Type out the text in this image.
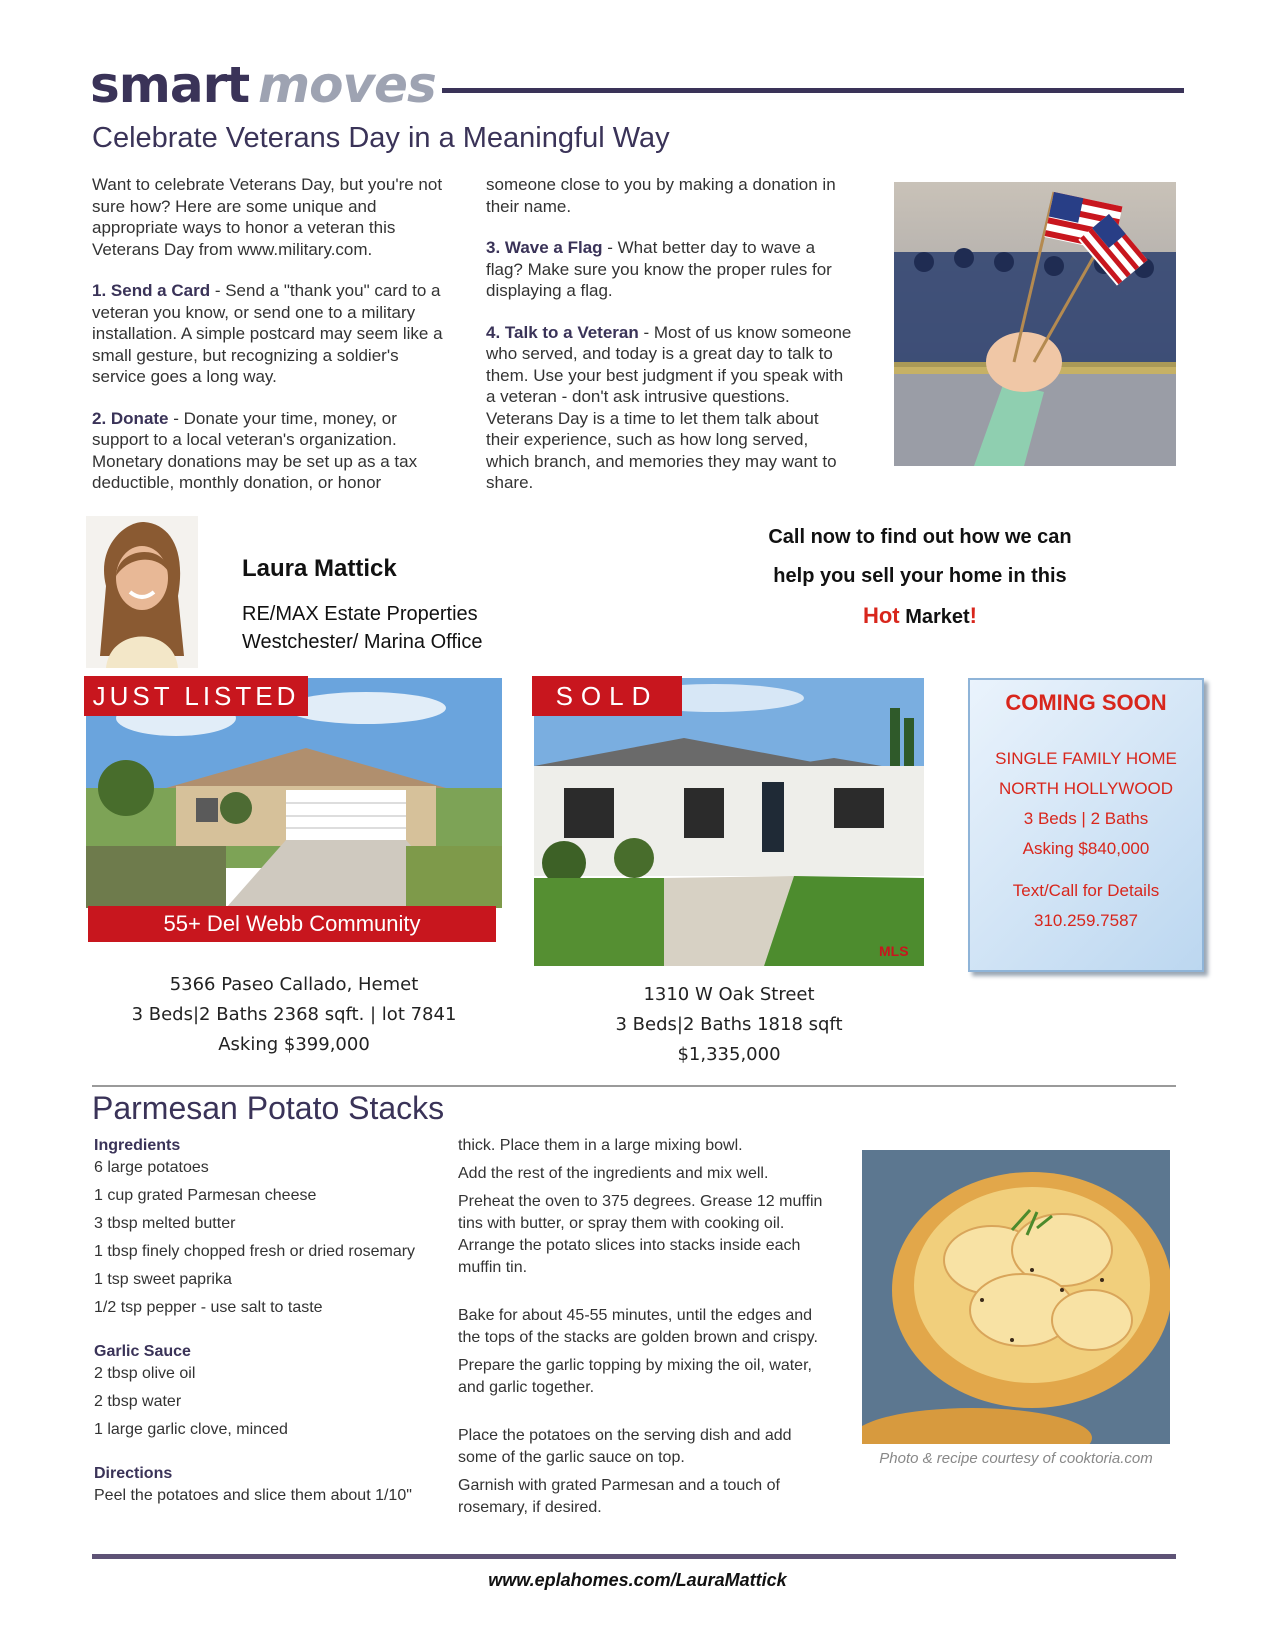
smart moves
Celebrate Veterans Day in a Meaningful Way

Want to celebrate Veterans Day, but you're not sure how? Here are some unique and appropriate ways to honor a veteran this Veterans Day from www.military.com.

1. Send a Card - Send a "thank you" card to a veteran you know, or send one to a military installation. A simple postcard may seem like a small gesture, but recognizing a soldier's service goes a long way.

2. Donate - Donate your time, money, or support to a local veteran's organization. Monetary donations may be set up as a tax deductible, monthly donation, or honor

someone close to you by making a donation in their name.

3. Wave a Flag - What better day to wave a flag? Make sure you know the proper rules for displaying a flag.

4. Talk to a Veteran - Most of us know someone who served, and today is a great day to talk to them. Use your best judgment if you speak with a veteran - don't ask intrusive questions. Veterans Day is a time to let them talk about their experience, such as how long served, which branch, and memories they may want to share.

Laura Mattick
RE/MAX Estate Properties
Westchester/ Marina Office
Call now to find out how we can
help you sell your home in this
Hot Market!
JUST LISTED
55+ Del Webb Community
5366 Paseo Callado, Hemet
3 Beds|2 Baths 2368 sqft. | lot 7841
Asking $399,000
MLS
SOLD
1310 W Oak Street
3 Beds|2 Baths 1818 sqft
$1,335,000
COMING SOON
SINGLE FAMILY HOME
NORTH HOLLYWOOD
3 Beds | 2 Baths
Asking $840,000
Text/Call for Details
310.259.7587
Parmesan Potato Stacks
Ingredients
6 large potatoes
1 cup grated Parmesan cheese
3 tbsp melted butter
1 tbsp finely chopped fresh or dried rosemary
1 tsp sweet paprika
1/2 tsp pepper - use salt to taste
Garlic Sauce
2 tbsp olive oil
2 tbsp water
1 large garlic clove, minced
Directions
Peel the potatoes and slice them about 1/10"

thick. Place them in a large mixing bowl.

Add the rest of the ingredients and mix well.

Preheat the oven to 375 degrees. Grease 12 muffin tins with butter, or spray them with cooking oil. Arrange the potato slices into stacks inside each muffin tin.

Bake for about 45-55 minutes, until the edges and the tops of the stacks are golden brown and crispy.

Prepare the garlic topping by mixing the oil, water, and garlic together.

Place the potatoes on the serving dish and add some of the garlic sauce on top.

Garnish with grated Parmesan and a touch of rosemary, if desired.

Photo & recipe courtesy of cooktoria.com
www.eplahomes.com/LauraMattick
